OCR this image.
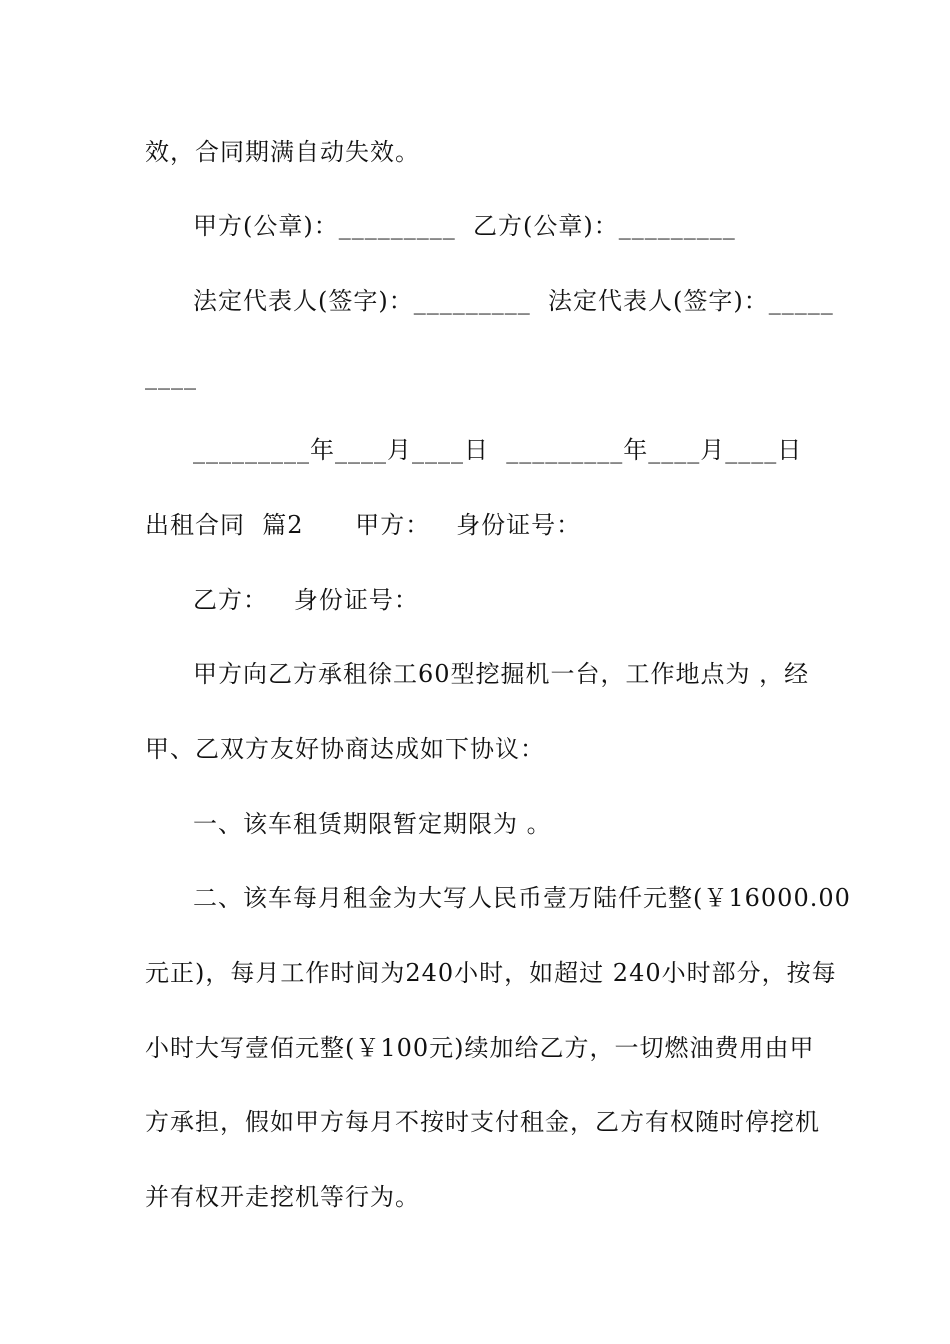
效，合同期满自动失效。
甲方(公章)：_________  乙方(公章)：_________
法定代表人(签字)：_________  法定代表人(签字)：_____
____
_________年____月____日  _________年____月____日
出租合同  篇2      甲方：   身份证号：
乙方：   身份证号：
甲方向乙方承租徐工60型挖掘机一台，工作地点为 ，经
甲、乙双方友好协商达成如下协议：
一、该车租赁期限暂定期限为 。
二、该车每月租金为大写人民币壹万陆仟元整(￥16000.00
元正)，每月工作时间为240小时，如超过 240小时部分，按每
小时大写壹佰元整(￥100元)续加给乙方，一切燃油费用由甲
方承担，假如甲方每月不按时支付租金，乙方有权随时停挖机
并有权开走挖机等行为。
